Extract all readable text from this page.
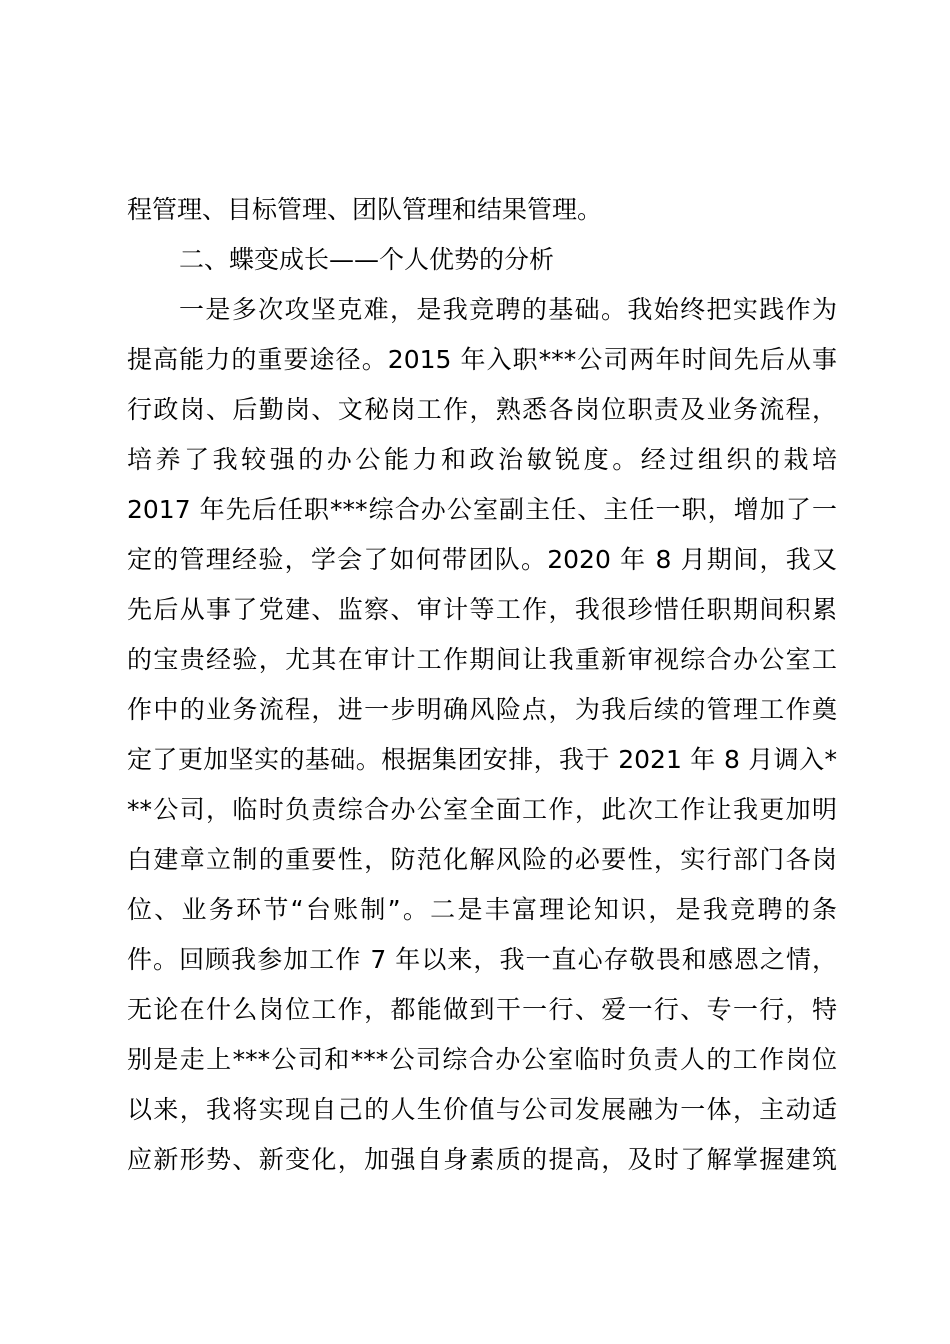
程管理、目标管理、团队管理和结果管理。
二、蝶变成长——个人优势的分析
一是多次攻坚克难，是我竞聘的基础。我始终把实践作为
提高能力的重要途径。2015 年入职***公司两年时间先后从事
行政岗、后勤岗、文秘岗工作，熟悉各岗位职责及业务流程，
培养了我较强的办公能力和政治敏锐度。经过组织的栽培
2017 年先后任职***综合办公室副主任、主任一职，增加了一
定的管理经验，学会了如何带团队。2020 年 8 月期间，我又
先后从事了党建、监察、审计等工作，我很珍惜任职期间积累
的宝贵经验，尤其在审计工作期间让我重新审视综合办公室工
作中的业务流程，进一步明确风险点，为我后续的管理工作奠
定了更加坚实的基础。根据集团安排，我于 2021 年 8 月调入*
**公司，临时负责综合办公室全面工作，此次工作让我更加明
白建章立制的重要性，防范化解风险的必要性，实行部门各岗
位、业务环节“台账制”。二是丰富理论知识，是我竞聘的条
件。回顾我参加工作 7 年以来，我一直心存敬畏和感恩之情，
无论在什么岗位工作，都能做到干一行、爱一行、专一行，特
别是走上***公司和***公司综合办公室临时负责人的工作岗位
以来，我将实现自己的人生价值与公司发展融为一体，主动适
应新形势、新变化，加强自身素质的提高，及时了解掌握建筑
